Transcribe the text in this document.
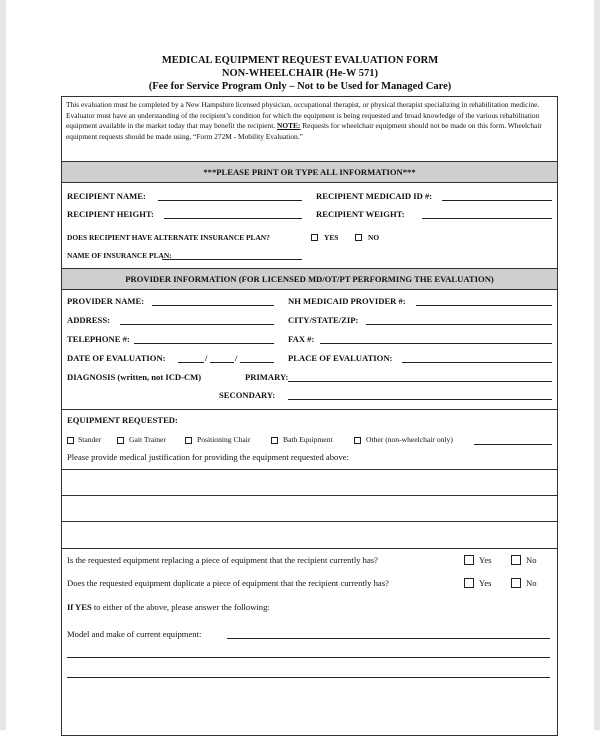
MEDICAL EQUIPMENT REQUEST EVALUATION FORM
NON-WHEELCHAIR (He-W 571)
(Fee for Service Program Only – Not to be Used for Managed Care)
This evaluation must be completed by a New Hampshire licensed physician, occupational therapist, or physical therapist specializing in rehabilitation medicine. Evaluator must have an understanding of the recipient’s condition for which the equipment is being requested and broad knowledge of the various rehabilitation equipment available in the market today that may benefit the recipient. NOTE: Requests for wheelchair equipment should not be made on this form. Wheelchair equipment requests should be made using, “Form 272M - Mobility Evaluation.”
***PLEASE PRINT OR TYPE ALL INFORMATION***
RECIPIENT NAME:	RECIPIENT MEDICAID ID #:
RECIPIENT HEIGHT:	RECIPIENT WEIGHT:
DOES RECIPIENT HAVE ALTERNATE INSURANCE PLAN?	YES	NO
NAME OF INSURANCE PLAN:
PROVIDER INFORMATION (FOR LICENSED MD/OT/PT PERFORMING THE EVALUATION)
PROVIDER NAME:	NH MEDICAID PROVIDER #:
ADDRESS:	CITY/STATE/ZIP:
TELEPHONE #:	FAX #:
DATE OF EVALUATION:	/	/	PLACE OF EVALUATION:
DIAGNOSIS (written, not ICD-CM)	PRIMARY:
SECONDARY:
EQUIPMENT REQUESTED:
Stander	Gait Trainer	Positioning Chair	Bath Equipment	Other (non-wheelchair only)
Please provide medical justification for providing the equipment requested above:
Is the requested equipment replacing a piece of equipment that the recipient currently has?	Yes	No
Does the requested equipment duplicate a piece of equipment that the recipient currently has?	Yes	No
If YES to either of the above, please answer the following:
Model and make of current equipment:
